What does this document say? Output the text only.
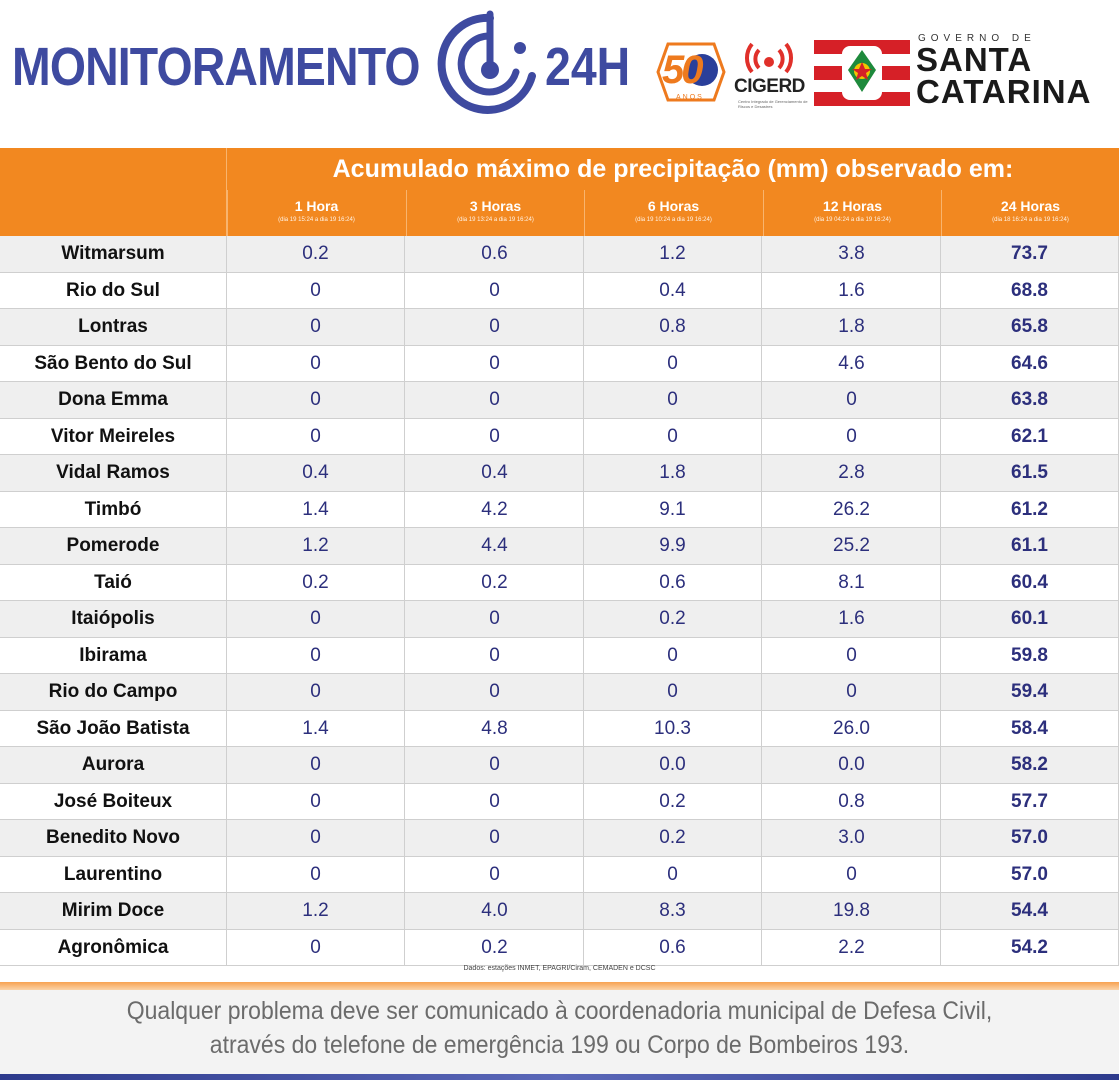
MONITORAMENTO 24H 50
ANOS
CIGERD
Centro Integrado de Gerenciamento de Riscos e Desastres
GOVERNO DE
SANTA
CATARINA
Acumulado máximo de precipitação (mm) observado em:
1 Hora
(dia 19 15:24 a dia 19 16:24)
3 Horas
(dia 19 13:24 a dia 19 16:24)
6 Horas
(dia 19 10:24 a dia 19 16:24)
12 Horas
(dia 19 04:24 a dia 19 16:24)
24 Horas
(dia 18 16:24 a dia 19 16:24)
Witmarsum	0.2	0.6	1.2	3.8	73.7
Rio do Sul	0	0	0.4	1.6	68.8
Lontras	0	0	0.8	1.8	65.8
São Bento do Sul	0	0	0	4.6	64.6
Dona Emma	0	0	0	0	63.8
Vitor Meireles	0	0	0	0	62.1
Vidal Ramos	0.4	0.4	1.8	2.8	61.5
Timbó	1.4	4.2	9.1	26.2	61.2
Pomerode	1.2	4.4	9.9	25.2	61.1
Taió	0.2	0.2	0.6	8.1	60.4
Itaiópolis	0	0	0.2	1.6	60.1
Ibirama	0	0	0	0	59.8
Rio do Campo	0	0	0	0	59.4
São João Batista	1.4	4.8	10.3	26.0	58.4
Aurora	0	0	0.0	0.0	58.2
José Boiteux	0	0	0.2	0.8	57.7
Benedito Novo	0	0	0.2	3.0	57.0
Laurentino	0	0	0	0	57.0
Mirim Doce	1.2	4.0	8.3	19.8	54.4
Agronômica	0	0.2	0.6	2.2	54.2
Dados: estações INMET, EPAGRI/Ciram, CEMADEN e DCSC
Qualquer problema deve ser comunicado à coordenadoria municipal de Defesa Civil,
através do telefone de emergência 199 ou Corpo de Bombeiros 193.
